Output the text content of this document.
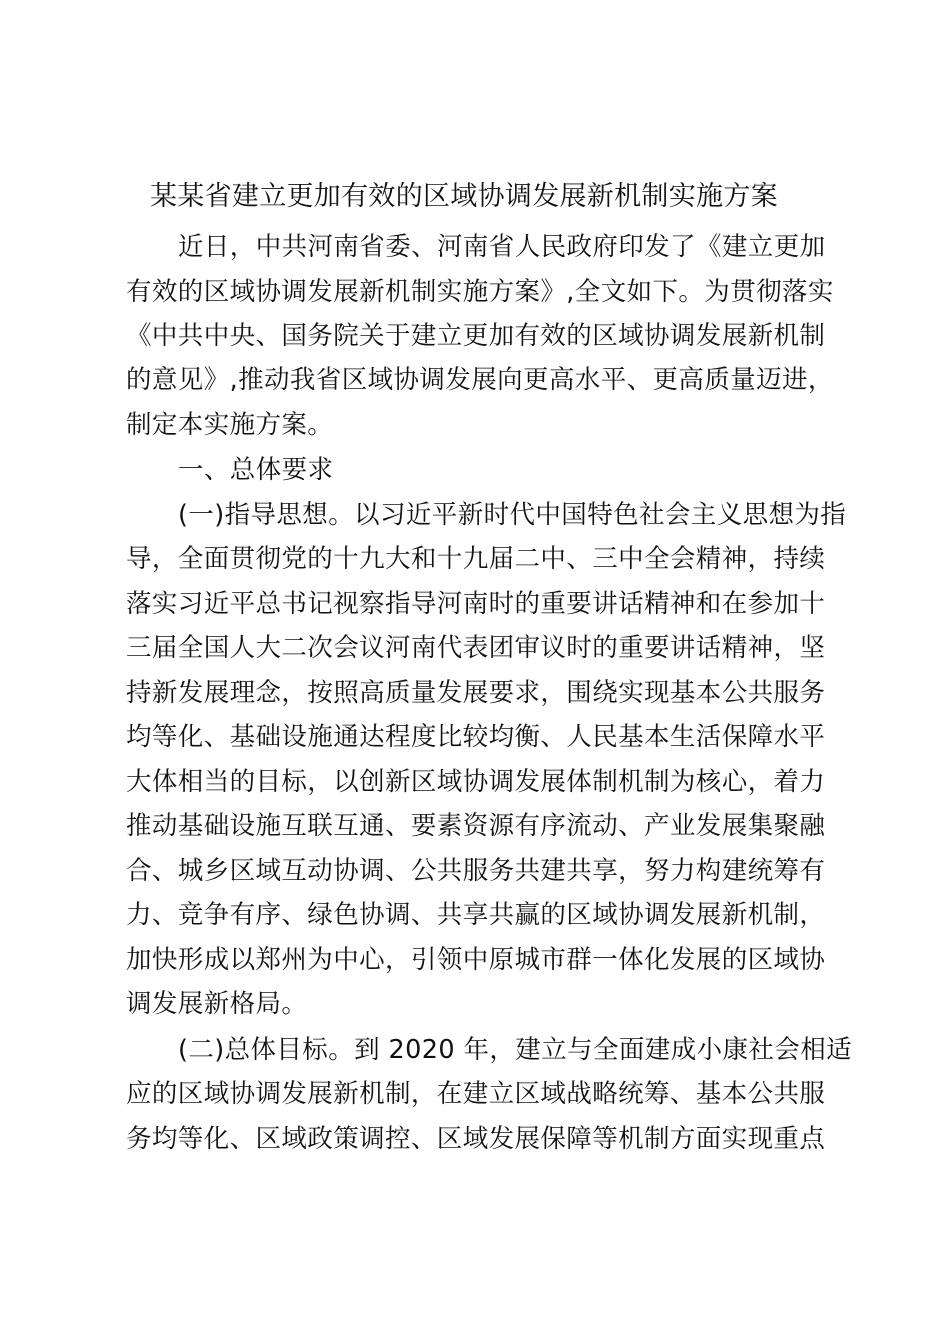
某某省建立更加有效的区域协调发展新机制实施方案
近日，中共河南省委、河南省人民政府印发了《建立更加
有效的区域协调发展新机制实施方案》,全文如下。为贯彻落实
《中共中央、国务院关于建立更加有效的区域协调发展新机制
的意见》,推动我省区域协调发展向更高水平、更高质量迈进，
制定本实施方案。
一、总体要求
(一)指导思想。以习近平新时代中国特色社会主义思想为指
导，全面贯彻党的十九大和十九届二中、三中全会精神，持续
落实习近平总书记视察指导河南时的重要讲话精神和在参加十
三届全国人大二次会议河南代表团审议时的重要讲话精神，坚
持新发展理念，按照高质量发展要求，围绕实现基本公共服务
均等化、基础设施通达程度比较均衡、人民基本生活保障水平
大体相当的目标，以创新区域协调发展体制机制为核心，着力
推动基础设施互联互通、要素资源有序流动、产业发展集聚融
合、城乡区域互动协调、公共服务共建共享，努力构建统筹有
力、竞争有序、绿色协调、共享共赢的区域协调发展新机制，
加快形成以郑州为中心，引领中原城市群一体化发展的区域协
调发展新格局。
(二)总体目标。到 2020 年，建立与全面建成小康社会相适
应的区域协调发展新机制，在建立区域战略统筹、基本公共服
务均等化、区域政策调控、区域发展保障等机制方面实现重点
